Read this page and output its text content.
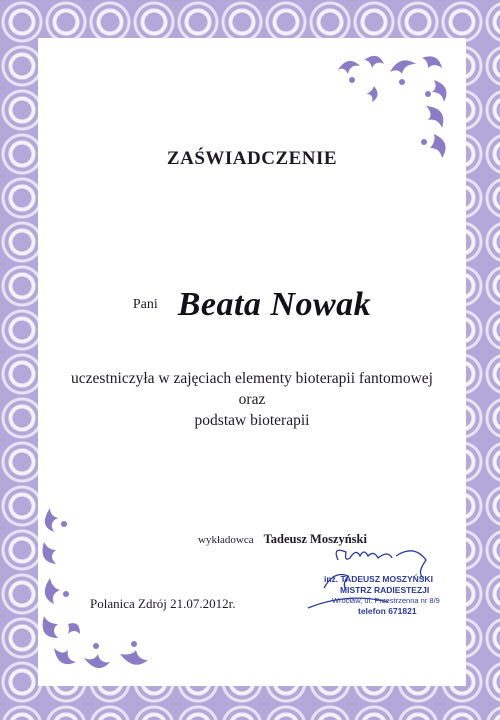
ZAŚWIADCZENIE
Pani Beata Nowak
uczestniczyła w zajęciach elementy bioterapii fantomowej
oraz
podstaw bioterapii
wykładowca Tadeusz Moszyński
inż. TADEUSZ MOSZYŃSKI
MISTRZ RADIESTEZJI
Wrocław, ul. Przestrzenna nr 8/9
telefon 671821
Polanica Zdrój 21.07.2012r.
